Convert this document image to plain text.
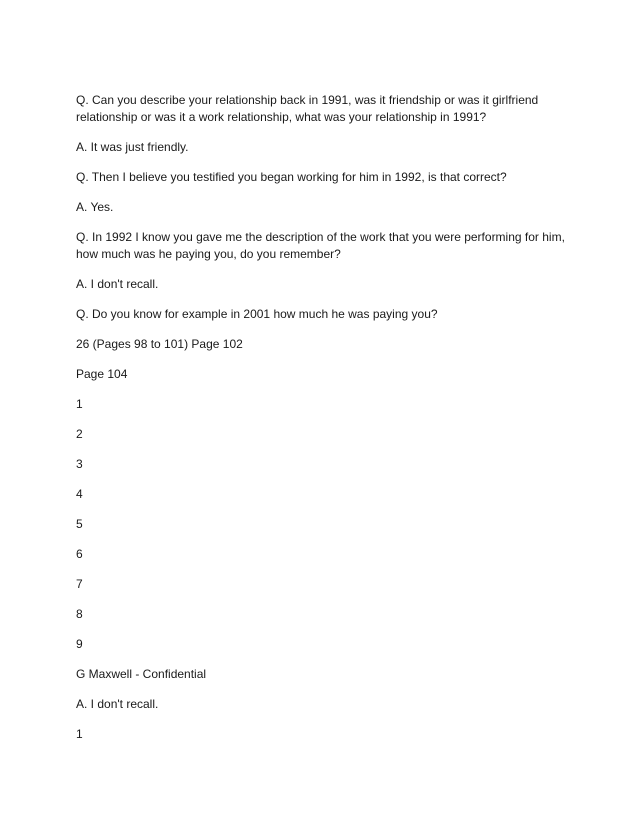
Q. Can you describe your relationship back in 1991, was it friendship or was it girlfriend
relationship or was it a work relationship, what was your relationship in 1991?

A. It was just friendly.

Q. Then I believe you testified you began working for him in 1992, is that correct?

A. Yes.

Q. In 1992 I know you gave me the description of the work that you were performing for him,
how much was he paying you, do you remember?

A. I don't recall.

Q. Do you know for example in 2001 how much he was paying you?

26 (Pages 98 to 101) Page 102

Page 104

1

2

3

4

5

6

7

8

9

G Maxwell - Confidential

A. I don't recall.

1
